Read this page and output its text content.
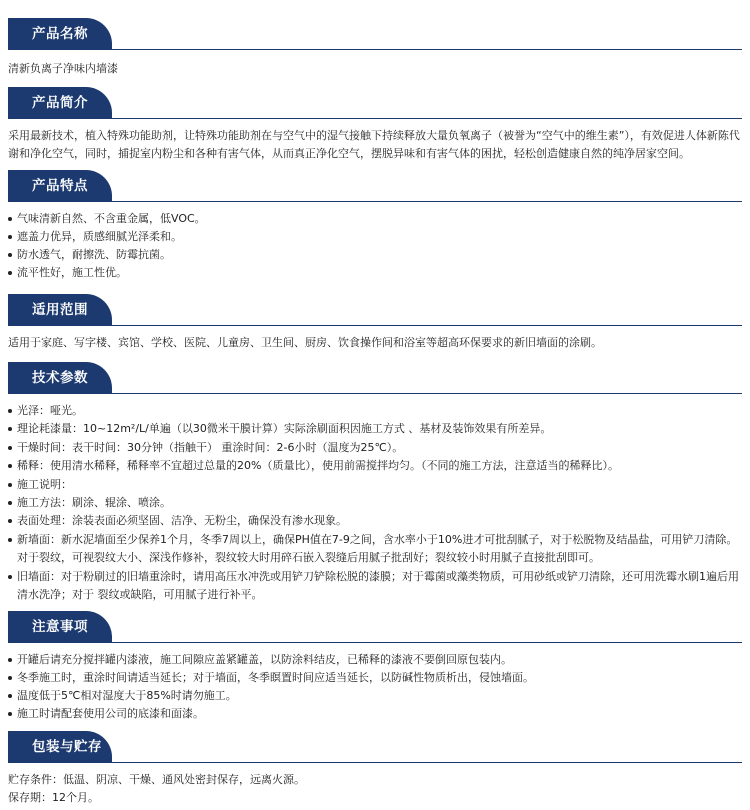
产品名称

清新负离子净味内墙漆

产品简介

采用最新技术，植入特殊功能助剂，让特殊功能助剂在与空气中的湿气接触下持续释放大量负氧离子（被誉为“空气中的维生素”），有效促进人体新陈代谢和净化空气，同时，捕捉室内粉尘和各种有害气体，从而真正净化空气，摆脱异味和有害气体的困扰，轻松创造健康自然的纯净居家空间。

产品特点
气味清新自然、不含重金属，低VOC。
遮盖力优异，质感细腻光泽柔和。
防水透气，耐擦洗、防霉抗菌。
流平性好，施工性优。
适用范围

适用于家庭、写字楼、宾馆、学校、医院、儿童房、卫生间、厨房、饮食操作间和浴室等超高环保要求的新旧墙面的涂刷。

技术参数
光泽：哑光。
理论耗漆量：10~12m²/L/单遍（以30微米干膜计算）实际涂刷面积因施工方式 、基材及装饰效果有所差异。
干燥时间：表干时间：30分钟（指触干） 重涂时间：2-6小时（温度为25℃）。
稀释：使用清水稀释，稀释率不宜超过总量的20%（质量比），使用前需搅拌均匀。（不同的施工方法，注意适当的稀释比）。
施工说明：
施工方法：刷涂、辊涂、喷涂。
表面处理：涂装表面必须坚固、洁净、无粉尘，确保没有渗水现象。
新墙面：新水泥墙面至少保养1个月，冬季7周以上，确保PH值在7-9之间，含水率小于10%进才可批刮腻子，对于松脱物及结晶盐，可用铲刀清除。对于裂纹，可视裂纹大小、深浅作修补，裂纹较大时用碎石嵌入裂缝后用腻子批刮好；裂纹较小时用腻子直接批刮即可。
旧墙面：对于粉刷过的旧墙重涂时，请用高压水冲洗或用铲刀铲除松脱的漆膜；对于霉菌或藻类物质，可用砂纸或铲刀清除，还可用洗霉水刷1遍后用清水洗净；对于 裂纹或缺陷，可用腻子进行补平。
注意事项
开罐后请充分搅拌罐内漆液，施工间隙应盖紧罐盖，以防涂料结皮，已稀释的漆液不要倒回原包装内。
冬季施工时，重涂时间请适当延长；对于墙面，冬季瞑置时间应适当延长，以防碱性物质析出，侵蚀墙面。
温度低于5℃相对湿度大于85%时请勿施工。
施工时请配套使用公司的底漆和面漆。
包装与贮存

贮存条件：低温、阴凉、干燥、通风处密封保存，远离火源。

保存期：12个月。
